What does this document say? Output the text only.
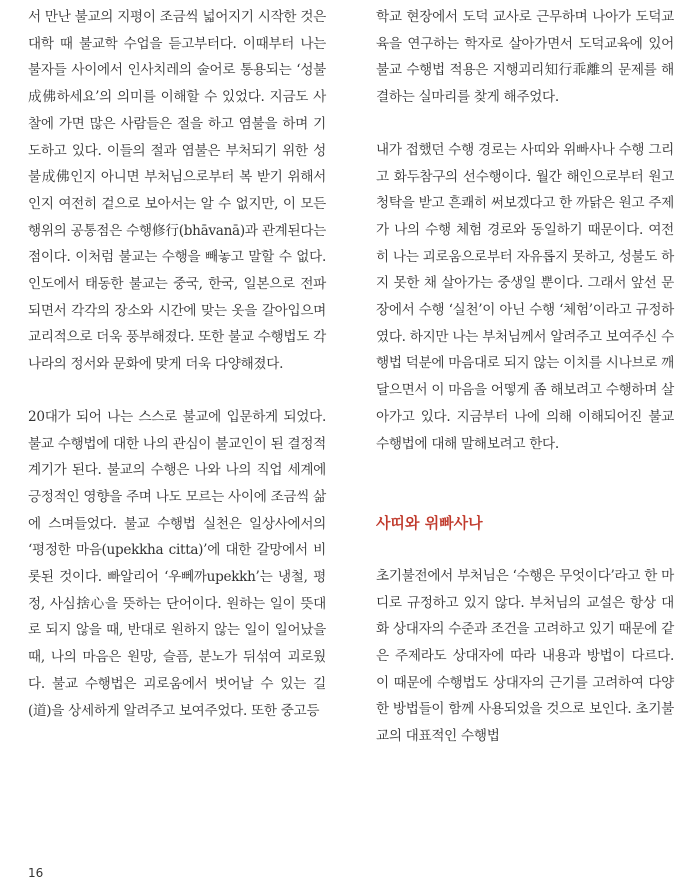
서 만난 불교의 지평이 조금씩 넓어지기 시작한 것은 대학 때 불교학 수업을 듣고부터다. 이때부터 나는 불자들 사이에서 인사치레의 술어로 통용되는 ‘성불成佛하세요’의 의미를 이해할 수 있었다. 지금도 사찰에 가면 많은 사람들은 절을 하고 염불을 하며 기도하고 있다. 이들의 절과 염불은 부처되기 위한 성불成佛인지 아니면 부처님으로부터 복 받기 위해서인지 여전히 겉으로 보아서는 알 수 없지만, 이 모든 행위의 공통점은 수행修行(bhāvanā)과 관계된다는 점이다. 이처럼 불교는 수행을 빼놓고 말할 수 없다. 인도에서 태동한 불교는 중국, 한국, 일본으로 전파되면서 각각의 장소와 시간에 맞는 옷을 갈아입으며 교리적으로 더욱 풍부해졌다. 또한 불교 수행법도 각 나라의 정서와 문화에 맞게 더욱 다양해졌다.

20대가 되어 나는 스스로 불교에 입문하게 되었다. 불교 수행법에 대한 나의 관심이 불교인이 된 결정적 계기가 된다. 불교의 수행은 나와 나의 직업 세계에 긍정적인 영향을 주며 나도 모르는 사이에 조금씩 삶에 스며들었다. 불교 수행법 실천은 일상사에서의 ‘평정한 마음(upekkha citta)’에 대한 갈망에서 비롯된 것이다. 빠알리어 ‘우뻬까upekkh’는 냉철, 평정, 사심捨心을 뜻하는 단어이다. 원하는 일이 뜻대로 되지 않을 때, 반대로 원하지 않는 일이 일어났을 때, 나의 마음은 원망, 슬픔, 분노가 뒤섞여 괴로웠다. 불교 수행법은 괴로움에서 벗어날 수 있는 길(道)을 상세하게 알려주고 보여주었다. 또한 중고등

학교 현장에서 도덕 교사로 근무하며 나아가 도덕교육을 연구하는 학자로 살아가면서 도덕교육에 있어 불교 수행법 적용은 지행괴리知行乖離의 문제를 해결하는 실마리를 찾게 해주었다.

내가 접했던 수행 경로는 사띠와 위빠사나 수행 그리고 화두참구의 선수행이다. 월간 해인으로부터 원고 청탁을 받고 흔쾌히 써보겠다고 한 까닭은 원고 주제가 나의 수행 체험 경로와 동일하기 때문이다. 여전히 나는 괴로움으로부터 자유롭지 못하고, 성불도 하지 못한 채 살아가는 중생일 뿐이다. 그래서 앞선 문장에서 수행 ‘실천’이 아닌 수행 ‘체험’이라고 규정하였다. 하지만 나는 부처님께서 알려주고 보여주신 수행법 덕분에 마음대로 되지 않는 이치를 시나브로 깨달으면서 이 마음을 어떻게 좀 해보려고 수행하며 살아가고 있다. 지금부터 나에 의해 이해되어진 불교 수행법에 대해 말해보려고 한다.

사띠와 위빠사나

초기불전에서 부처님은 ‘수행은 무엇이다’라고 한 마디로 규정하고 있지 않다. 부처님의 교설은 항상 대화 상대자의 수준과 조건을 고려하고 있기 때문에 같은 주제라도 상대자에 따라 내용과 방법이 다르다. 이 때문에 수행법도 상대자의 근기를 고려하여 다양한 방법들이 함께 사용되었을 것으로 보인다. 초기불교의 대표적인 수행법

16
